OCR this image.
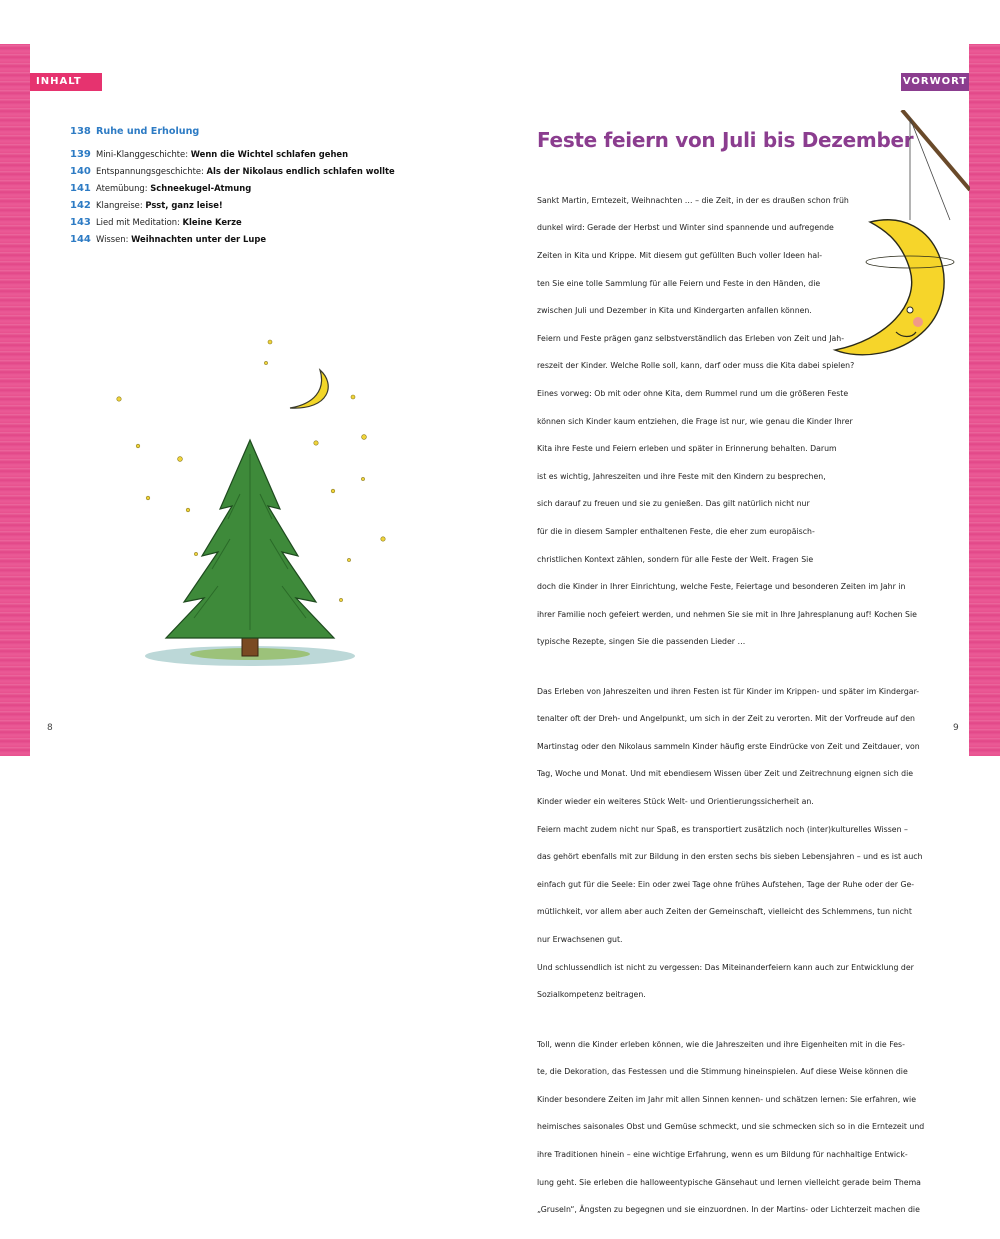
INHALT	VORWORT
138 Ruhe und Erholung
139 Mini-Klanggeschichte: Wenn die Wichtel schlafen gehen
140 Entspannungsgeschichte: Als der Nikolaus endlich schlafen wollte
141 Atemübung: Schneekugel-Atmung
142 Klangreise: Psst, ganz leise!
143 Lied mit Meditation: Kleine Kerze
144 Wissen: Weihnachten unter der Lupe
8	9
Feste feiern von Juli bis Dezember

Sankt Martin, Erntezeit, Weihnachten … – die Zeit, in der es draußen schon früh

dunkel wird: Gerade der Herbst und Winter sind spannende und aufregende

Zeiten in Kita und Krippe. Mit diesem gut gefüllten Buch voller Ideen hal-

ten Sie eine tolle Sammlung für alle Feiern und Feste in den Händen, die

zwischen Juli und Dezember in Kita und Kindergarten anfallen können.

Feiern und Feste prägen ganz selbstverständlich das Erleben von Zeit und Jah-

reszeit der Kinder. Welche Rolle soll, kann, darf oder muss die Kita dabei spielen?

Eines vorweg: Ob mit oder ohne Kita, dem Rummel rund um die größeren Feste

können sich Kinder kaum entziehen, die Frage ist nur, wie genau die Kinder Ihrer

Kita ihre Feste und Feiern erleben und später in Erinnerung behalten. Darum

ist es wichtig, Jahreszeiten und ihre Feste mit den Kindern zu besprechen,

sich darauf zu freuen und sie zu genießen. Das gilt natürlich nicht nur

für die in diesem Sampler enthaltenen Feste, die eher zum europäisch-

christlichen Kontext zählen, sondern für alle Feste der Welt. Fragen Sie

doch die Kinder in Ihrer Einrichtung, welche Feste, Feiertage und besonderen Zeiten im Jahr in

ihrer Familie noch gefeiert werden, und nehmen Sie sie mit in Ihre Jahresplanung auf! Kochen Sie

typische Rezepte, singen Sie die passenden Lieder …

Das Erleben von Jahreszeiten und ihren Festen ist für Kinder im Krippen- und später im Kindergar-

tenalter oft der Dreh- und Angelpunkt, um sich in der Zeit zu verorten. Mit der Vorfreude auf den

Martinstag oder den Nikolaus sammeln Kinder häufig erste Eindrücke von Zeit und Zeitdauer, von

Tag, Woche und Monat. Und mit ebendiesem Wissen über Zeit und Zeitrechnung eignen sich die

Kinder wieder ein weiteres Stück Welt- und Orientierungssicherheit an.

Feiern macht zudem nicht nur Spaß, es transportiert zusätzlich noch (inter)kulturelles Wissen –

das gehört ebenfalls mit zur Bildung in den ersten sechs bis sieben Lebensjahren – und es ist auch

einfach gut für die Seele: Ein oder zwei Tage ohne frühes Aufstehen, Tage der Ruhe oder der Ge-

mütlichkeit, vor allem aber auch Zeiten der Gemeinschaft, vielleicht des Schlemmens, tun nicht

nur Erwachsenen gut.

Und schlussendlich ist nicht zu vergessen: Das Miteinanderfeiern kann auch zur Entwicklung der

Sozialkompetenz beitragen.

Toll, wenn die Kinder erleben können, wie die Jahreszeiten und ihre Eigenheiten mit in die Fes-

te, die Dekoration, das Festessen und die Stimmung hineinspielen. Auf diese Weise können die

Kinder besondere Zeiten im Jahr mit allen Sinnen kennen- und schätzen lernen: Sie erfahren, wie

heimisches saisonales Obst und Gemüse schmeckt, und sie schmecken sich so in die Erntezeit und

ihre Traditionen hinein – eine wichtige Erfahrung, wenn es um Bildung für nachhaltige Entwick-

lung geht. Sie erleben die halloweentypische Gänsehaut und lernen vielleicht gerade beim Thema

„Gruseln“, Ängsten zu begegnen und sie einzuordnen. In der Martins- oder Lichterzeit machen die
